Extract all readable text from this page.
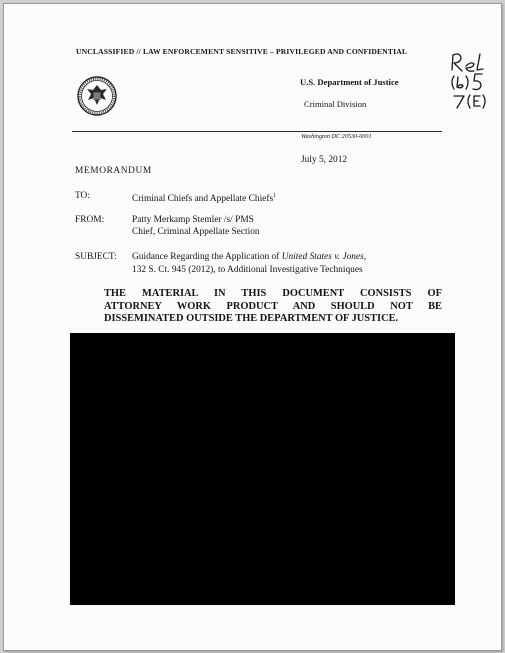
UNCLASSIFIED // LAW ENFORCEMENT SENSITIVE – PRIVILEGED AND CONFIDENTIAL
U.S. Department of Justice
Criminal Division
Washington DC 20530-0001
July 5, 2012
MEMORANDUM
TO:	Criminal Chiefs and Appellate Chiefs$^1$
FROM:	Patty Merkamp Stemler /s/ PMS
Chief, Criminal Appellate Section
SUBJECT: Guidance Regarding the Application of United States v. Jones,
132 S. Ct. 945 (2012), to Additional Investigative Techniques
THE MATERIAL IN THIS DOCUMENT CONSISTS OF
ATTORNEY WORK PRODUCT AND SHOULD NOT BE
DISSEMINATED OUTSIDE THE DEPARTMENT OF JUSTICE.
